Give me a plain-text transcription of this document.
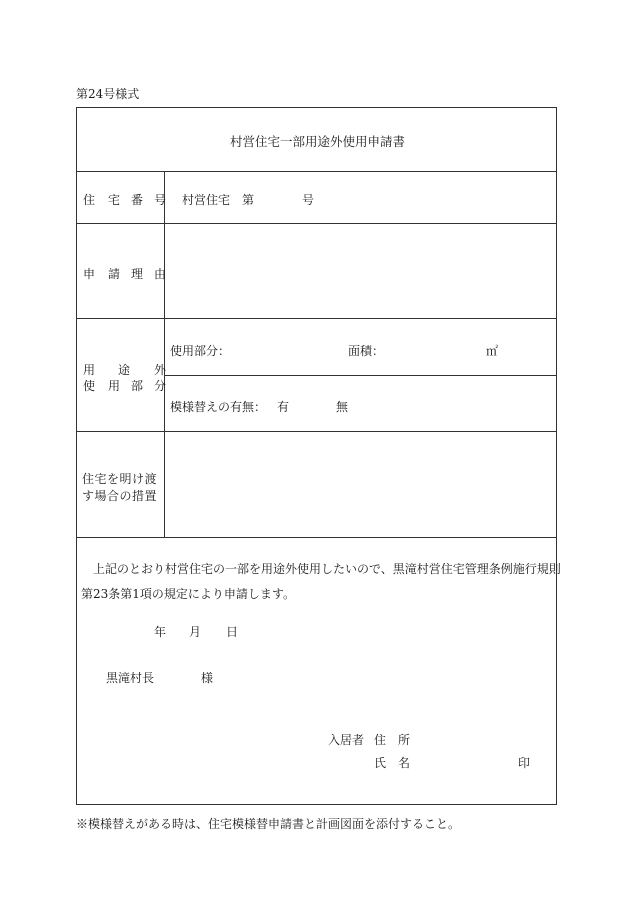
第24号様式
村営住宅一部用途外使用申請書
住 宅 番 号 村営住宅　第	号
申 請 理 由
用 途 外
使 用 部 分
使用部分：	面積：	㎡
模様替えの有無： 有	無
住宅を明け渡
す場合の措置
上記のとおり村営住宅の一部を用途外使用したいので、黒滝村営住宅管理条例施行規則
第23条第1項の規定により申請します。
年 月 日
黒滝村長	様
入居者 住　所
氏　名	印
※模様替えがある時は、住宅模様替申請書と計画図面を添付すること。
